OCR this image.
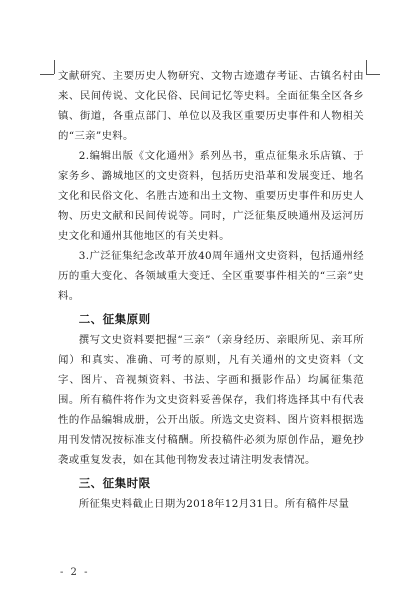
文献研究、主要历史人物研究、文物古迹遗存考证、古镇名村由来、民间传说、文化民俗、民间记忆等史料。全面征集全区各乡镇、街道，各重点部门、单位以及我区重要历史事件和人物相关的“三亲”史料。

2.编辑出版《文化通州》系列丛书，重点征集永乐店镇、于家务乡、潞城地区的文史资料，包括历史沿革和发展变迁、地名文化和民俗文化、名胜古迹和出土文物、重要历史事件和历史人物、历史文献和民间传说等。同时，广泛征集反映通州及运河历史文化和通州其他地区的有关史料。

3.广泛征集纪念改革开放40周年通州文史资料，包括通州经历的重大变化、各领域重大变迁、全区重要事件相关的“三亲”史料。

二、征集原则

撰写文史资料要把握“三亲”（亲身经历、亲眼所见、亲耳所闻）和真实、准确、可考的原则，凡有关通州的文史资料（文字、图片、音视频资料、书法、字画和摄影作品）均属征集范围。所有稿件将作为文史资料妥善保存，我们将选择其中有代表性的作品编辑成册，公开出版。所选文史资料、图片资料根据选用刊发情况按标准支付稿酬。所投稿件必须为原创作品，避免抄袭或重复发表，如在其他刊物发表过请注明发表情况。

三、征集时限

所征集史料截止日期为2018年12月31日。所有稿件尽量

- 2 -
